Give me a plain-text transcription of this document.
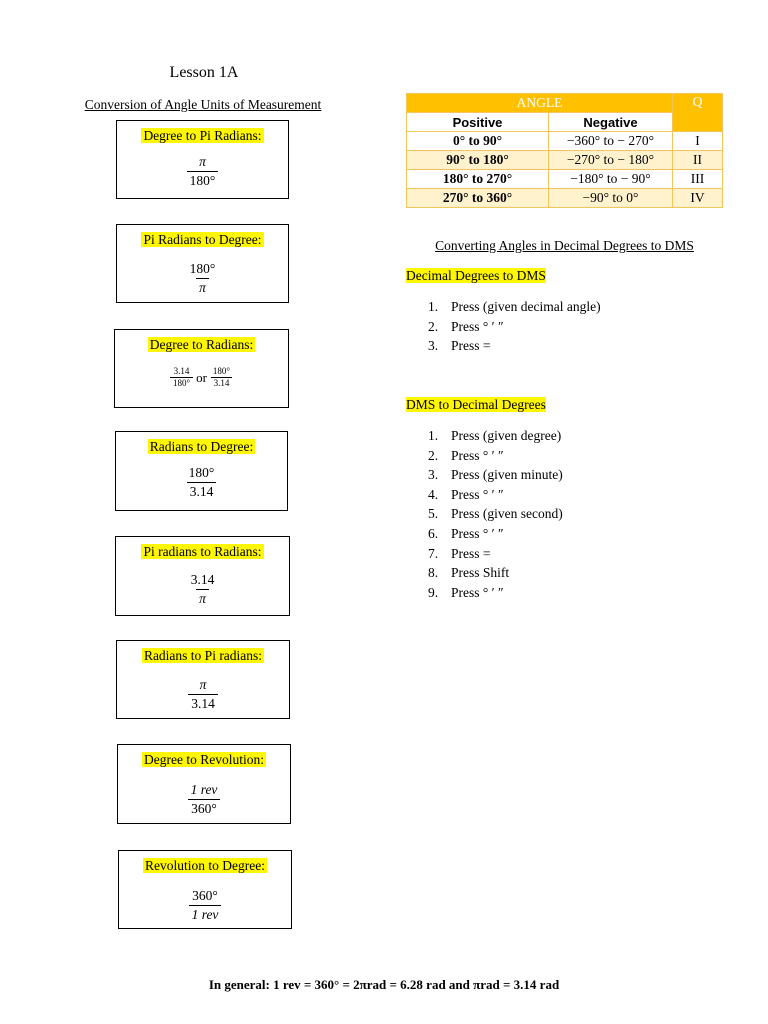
Lesson 1A
Conversion of Angle Units of Measurement
Degree to Pi Radians:
$\frac{\pi}{180^\circ}$
Pi Radians to Degree:
$\frac{180^\circ}{\pi}$
Degree to Radians:
$\frac{3.14}{180^\circ}$ or $\frac{180^\circ}{3.14}$
Radians to Degree:
$\frac{180^\circ}{3.14}$
Pi radians to Radians:
$\frac{3.14}{\pi}$
Radians to Pi radians:
$\frac{\pi}{3.14}$
Degree to Revolution:
$\frac{\text{1 rev}}{360^\circ}$
Revolution to Degree:
$\frac{360^\circ}{\text{1 rev}}$
ANGLE		Q
Positive	Negative	
0° to 90°	−360° to − 270°	I
90° to 180°	−270° to − 180°	II
180° to 270°	−180° to − 90°	III
270° to 360°	−90° to 0°	IV
Converting Angles in Decimal Degrees to DMS
Decimal Degrees to DMS
1. Press (given decimal angle)
2. Press ° ′ ″
3. Press =
DMS to Decimal Degrees
1. Press (given degree)
2. Press ° ′ ″
3. Press (given minute)
4. Press ° ′ ″
5. Press (given second)
6. Press ° ′ ″
7. Press =
8. Press Shift
9. Press ° ′ ″
In general: 1 rev = 360° = 2πrad = 6.28 rad and πrad = 3.14 rad
